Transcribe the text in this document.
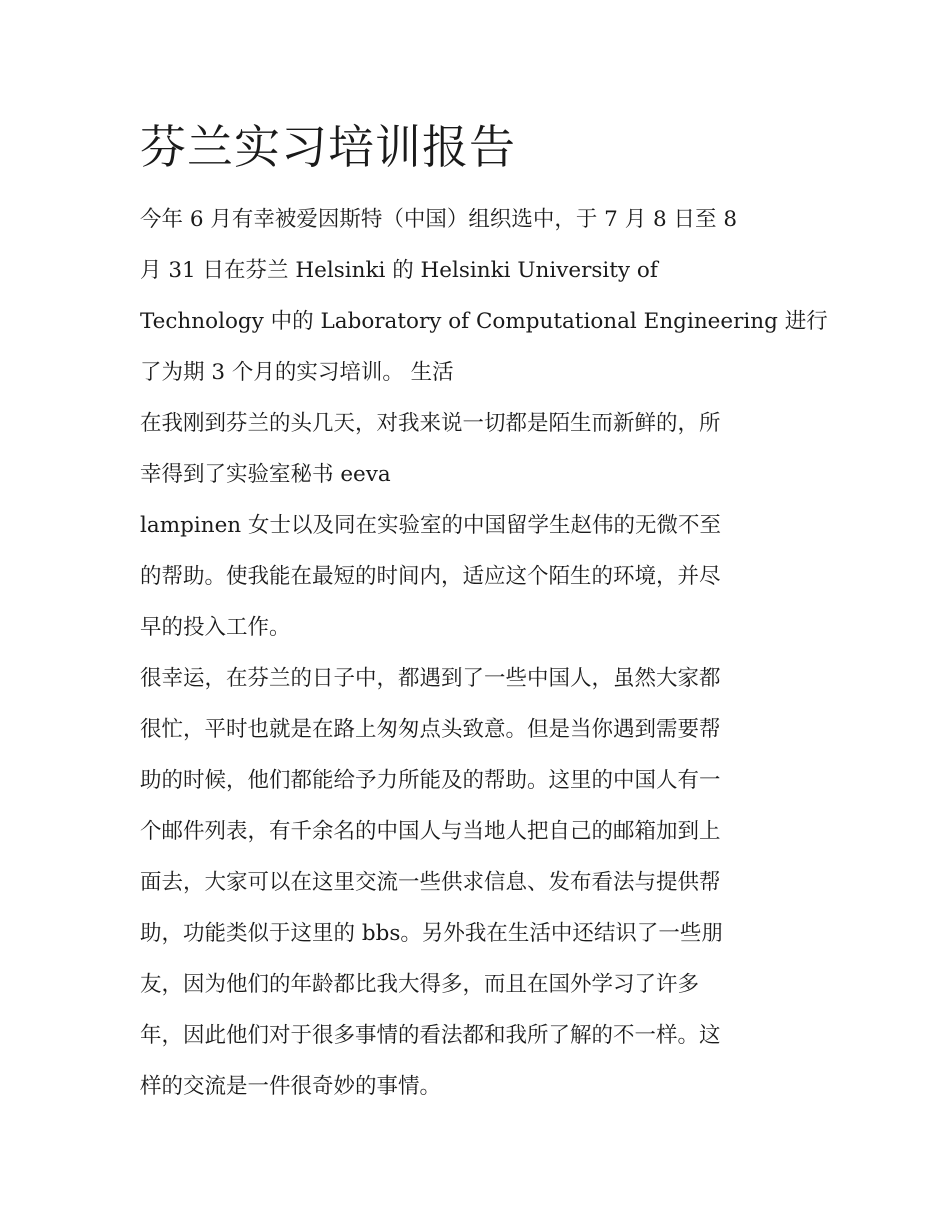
芬兰实习培训报告

今年 6 月有幸被爱因斯特（中国）组织选中，于 7 月 8 日至 8

月 31 日在芬兰 Helsinki 的 Helsinki University of

Technology 中的 Laboratory of Computational Engineering 进行

了为期 3 个月的实习培训。 生活

在我刚到芬兰的头几天，对我来说一切都是陌生而新鲜的，所

幸得到了实验室秘书 eeva

lampinen 女士以及同在实验室的中国留学生赵伟的无微不至

的帮助。使我能在最短的时间内，适应这个陌生的环境，并尽

早的投入工作。

很幸运，在芬兰的日子中，都遇到了一些中国人，虽然大家都

很忙，平时也就是在路上匆匆点头致意。但是当你遇到需要帮

助的时候，他们都能给予力所能及的帮助。这里的中国人有一

个邮件列表，有千余名的中国人与当地人把自己的邮箱加到上

面去，大家可以在这里交流一些供求信息、发布看法与提供帮

助，功能类似于这里的 bbs。另外我在生活中还结识了一些朋

友，因为他们的年龄都比我大得多，而且在国外学习了许多

年，因此他们对于很多事情的看法都和我所了解的不一样。这

样的交流是一件很奇妙的事情。
